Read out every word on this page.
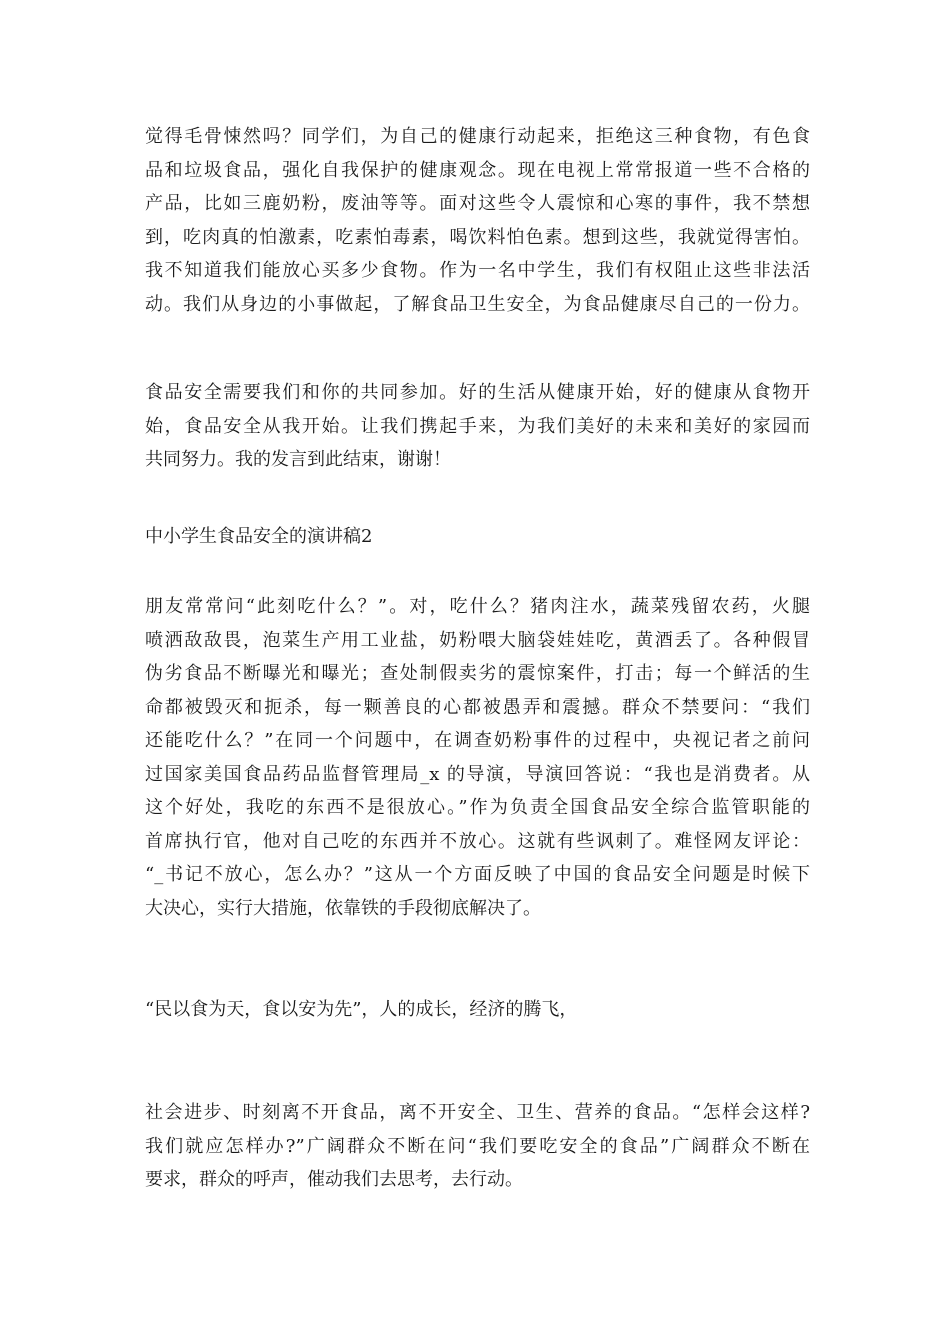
觉得毛骨悚然吗？同学们，为自己的健康行动起来，拒绝这三种食物，有色食
品和垃圾食品，强化自我保护的健康观念。现在电视上常常报道一些不合格的
产品，比如三鹿奶粉，废油等等。面对这些令人震惊和心寒的事件，我不禁想
到，吃肉真的怕激素，吃素怕毒素，喝饮料怕色素。想到这些，我就觉得害怕。
我不知道我们能放心买多少食物。作为一名中学生，我们有权阻止这些非法活
动。我们从身边的小事做起，了解食品卫生安全，为食品健康尽自己的一份力。
食品安全需要我们和你的共同参加。好的生活从健康开始，好的健康从食物开
始，食品安全从我开始。让我们携起手来，为我们美好的未来和美好的家园而
共同努力。我的发言到此结束，谢谢！
中小学生食品安全的演讲稿2
朋友常常问“此刻吃什么？”。对，吃什么？猪肉注水，蔬菜残留农药，火腿
喷洒敌敌畏，泡菜生产用工业盐，奶粉喂大脑袋娃娃吃，黄酒丢了。各种假冒
伪劣食品不断曝光和曝光；查处制假卖劣的震惊案件，打击；每一个鲜活的生
命都被毁灭和扼杀，每一颗善良的心都被愚弄和震撼。群众不禁要问：“我们
还能吃什么？”在同一个问题中，在调查奶粉事件的过程中，央视记者之前问
过国家美国食品药品监督管理局_x 的导演，导演回答说：“我也是消费者。从
这个好处，我吃的东西不是很放心。”作为负责全国食品安全综合监管职能的
首席执行官，他对自己吃的东西并不放心。这就有些讽刺了。难怪网友评论：
“_书记不放心，怎么办？”这从一个方面反映了中国的食品安全问题是时候下
大决心，实行大措施，依靠铁的手段彻底解决了。
“民以食为天，食以安为先”，人的成长，经济的腾飞，
社会进步、时刻离不开食品，离不开安全、卫生、营养的食品。“怎样会这样?
我们就应怎样办?”广阔群众不断在问“我们要吃安全的食品”广阔群众不断在
要求，群众的呼声，催动我们去思考，去行动。
